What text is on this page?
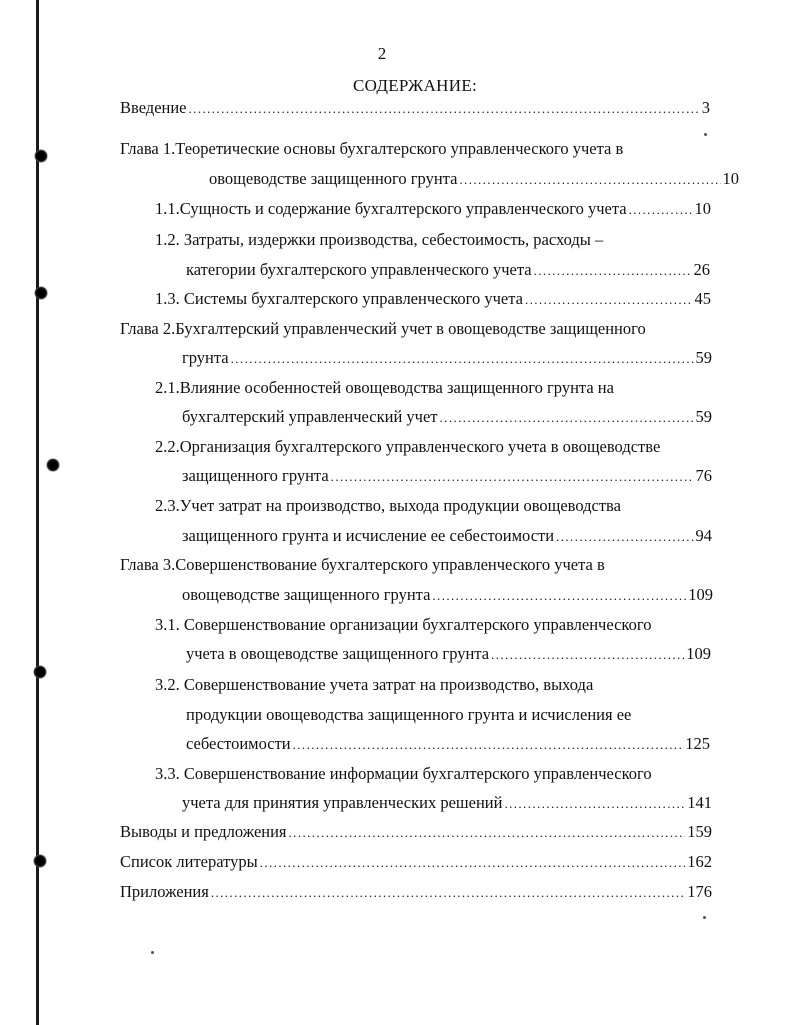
2
СОДЕРЖАНИЕ:
Введение .....	3
Глава 1.Теоретические основы бухгалтерского управленческого учета в
овощеводстве защищенного грунта .....	10
1.1.Сущность и содержание бухгалтерского управленческого учета .....	10
1.2. Затраты, издержки производства, себестоимость, расходы –
категории бухгалтерского управленческого учета .....	26
1.3. Системы бухгалтерского управленческого учета .....	45
Глава 2.Бухгалтерский управленческий учет в овощеводстве защищенного
грунта .....	59
2.1.Влияние особенностей овощеводства защищенного грунта на
бухгалтерский управленческий учет .....	59
2.2.Организация бухгалтерского управленческого учета в овощеводстве
защищенного грунта .....	76
2.3.Учет затрат на производство, выхода продукции овощеводства
защищенного грунта и исчисление ее себестоимости .....	94
Глава 3.Совершенствование бухгалтерского управленческого учета в
овощеводстве защищенного грунта .....	109
3.1. Совершенствование организации бухгалтерского управленческого
учета в овощеводстве защищенного грунта .....	109
3.2. Совершенствование учета затрат на производство, выхода
продукции овощеводства защищенного грунта и исчисления ее
себестоимости .....	125
3.3. Совершенствование информации бухгалтерского управленческого
учета для принятия управленческих решений .....	141
Выводы и предложения .....	159
Список литературы .....	162
Приложения .....	176
